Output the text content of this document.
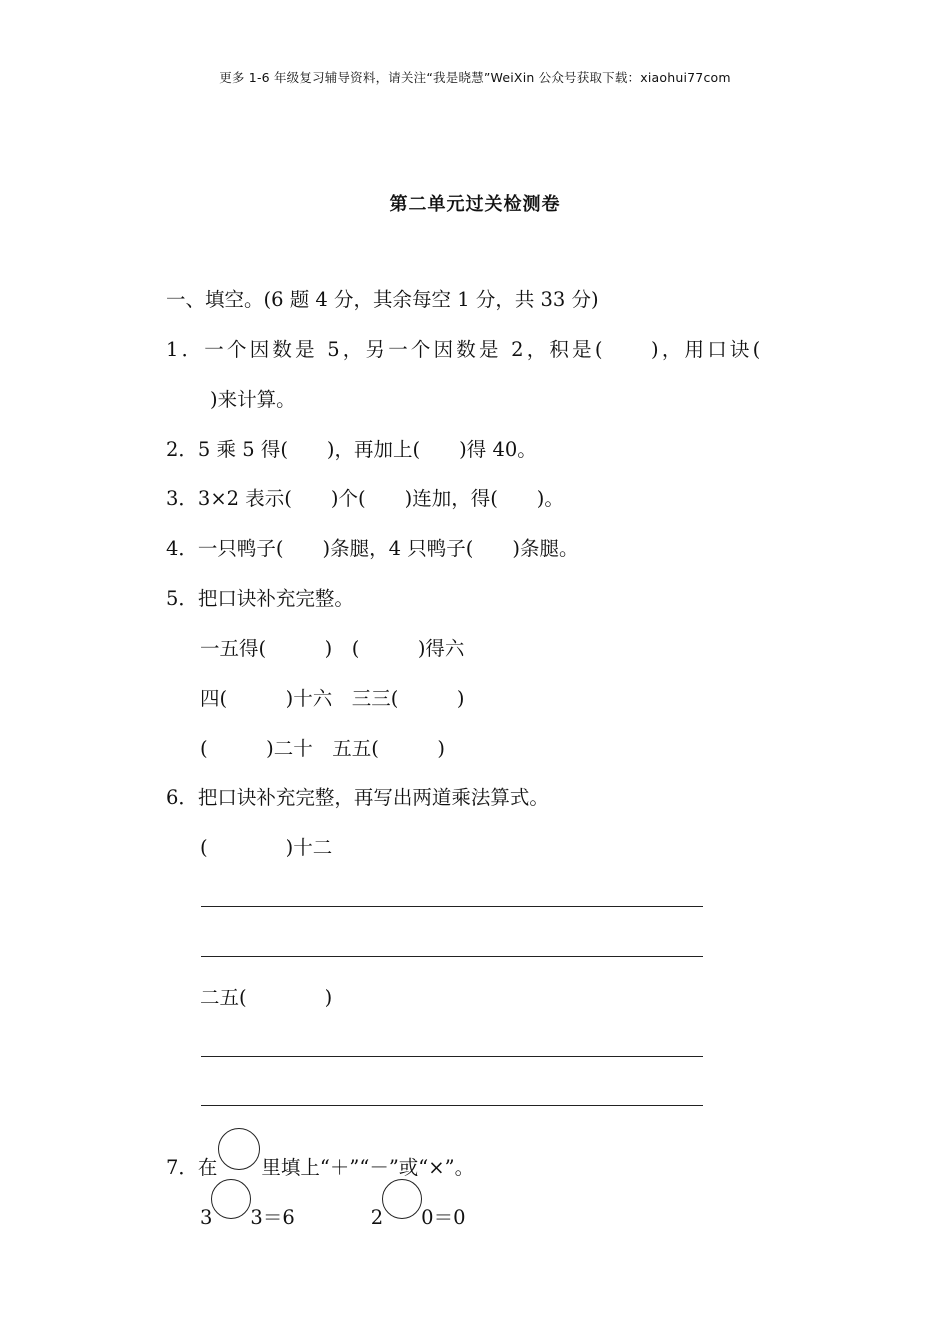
更多 1-6 年级复习辅导资料，请关注“我是晓慧”WeiXin 公众号获取下载：xiaohui77com
第二单元过关检测卷
一、填空。(6 题 4 分，其余每空 1 分，共 33 分)
1．一个因数是 5，另一个因数是 2，积是(　　)，用口诀(
)来计算。
2．5 乘 5 得(　　)，再加上(　　)得 40。
3．3×2 表示(　　)个(　　)连加，得(　　)。
4．一只鸭子(　　)条腿，4 只鸭子(　　)条腿。
5．把口诀补充完整。
一五得(　　　)　(　　　)得六
四(　　　)十六　三三(　　　)
(　　　)二十　五五(　　　)
6．把口诀补充完整，再写出两道乘法算式。
(　　　　)十二
二五(　　　　)
7．在 里填上“＋”“－”或“×”。
3 3＝6	2 0＝0
